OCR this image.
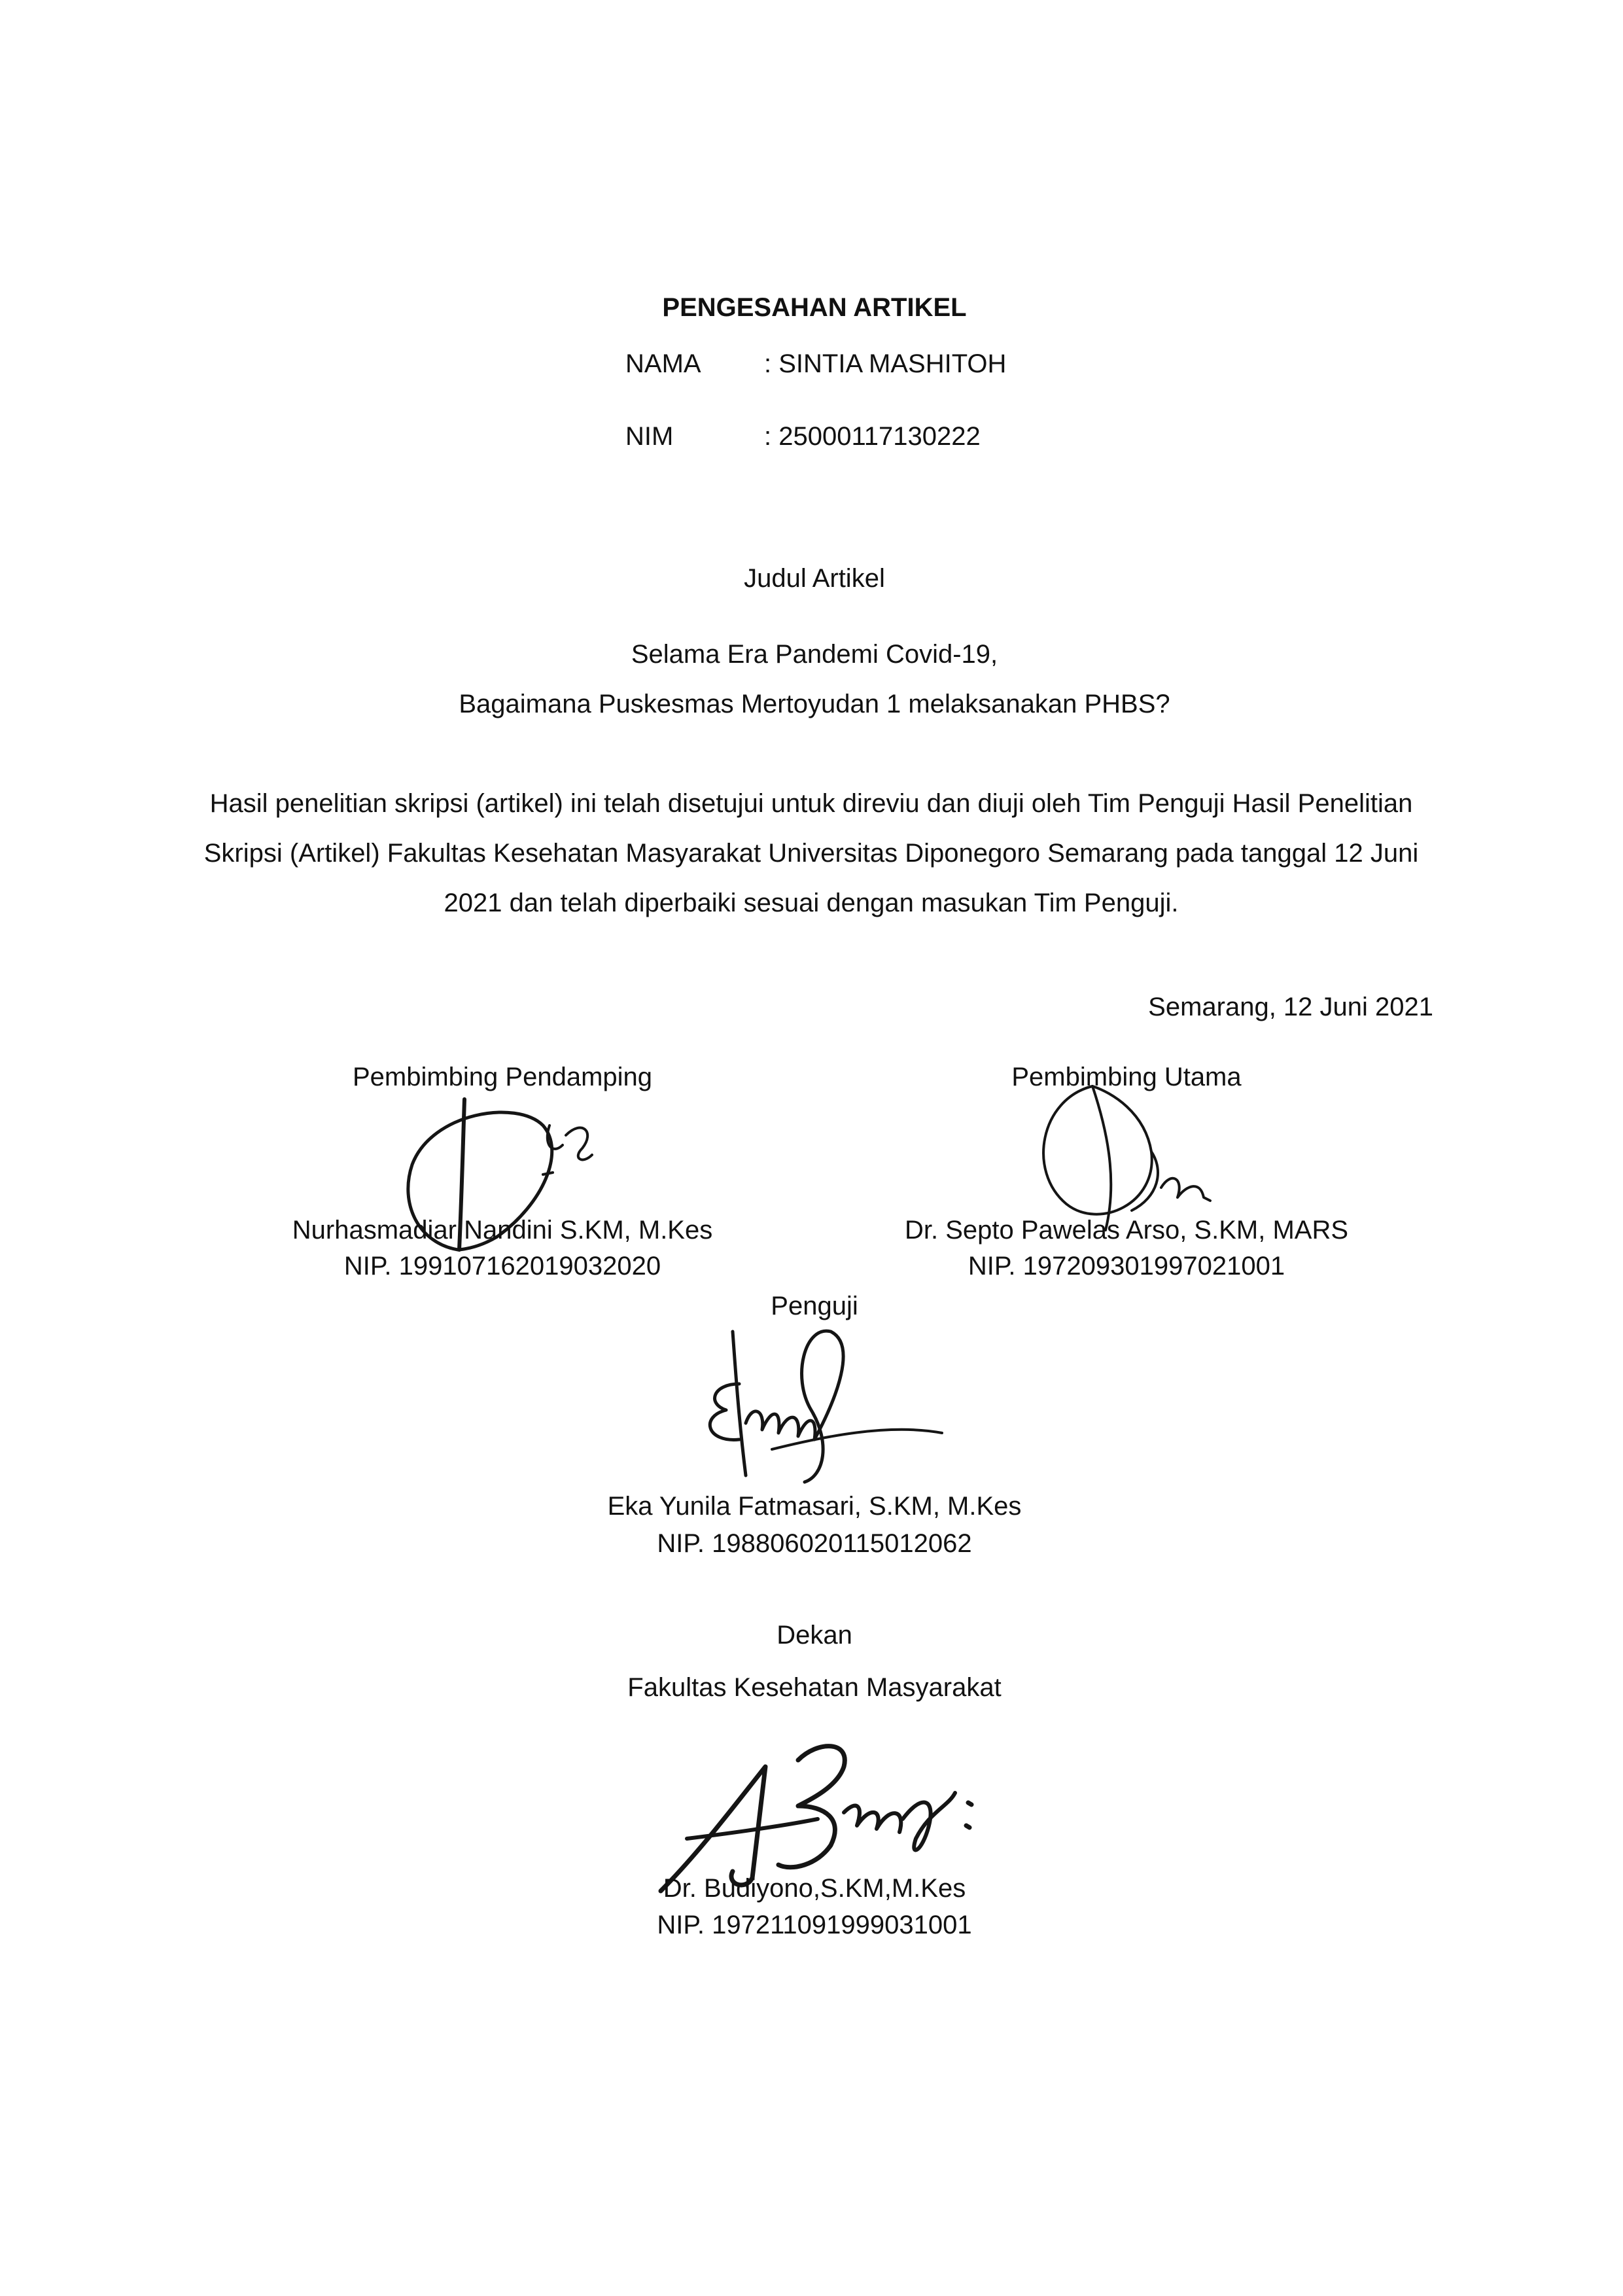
PENGESAHAN ARTIKEL
NAMA : SINTIA MASHITOH
NIM	: 25000117130222
Judul Artikel
Selama Era Pandemi Covid-19,
Bagaimana Puskesmas Mertoyudan 1 melaksanakan PHBS?

Hasil penelitian skripsi (artikel) ini telah disetujui untuk direviu dan diuji oleh Tim Penguji Hasil Penelitian Skripsi (Artikel) Fakultas Kesehatan Masyarakat Universitas Diponegoro Semarang pada tanggal 12 Juni 2021 dan telah diperbaiki sesuai dengan masukan Tim Penguji.

Semarang, 12 Juni 2021
Pembimbing Pendamping	Pembimbing Utama
Nurhasmadiar Nandini S.KM, M.Kes
NIP. 199107162019032020
Dr. Septo Pawelas Arso, S.KM, MARS
NIP. 197209301997021001
Penguji
Eka Yunila Fatmasari, S.KM, M.Kes
NIP. 198806020115012062
Dekan
Fakultas Kesehatan Masyarakat
Dr. Budiyono,S.KM,M.Kes
NIP. 197211091999031001
